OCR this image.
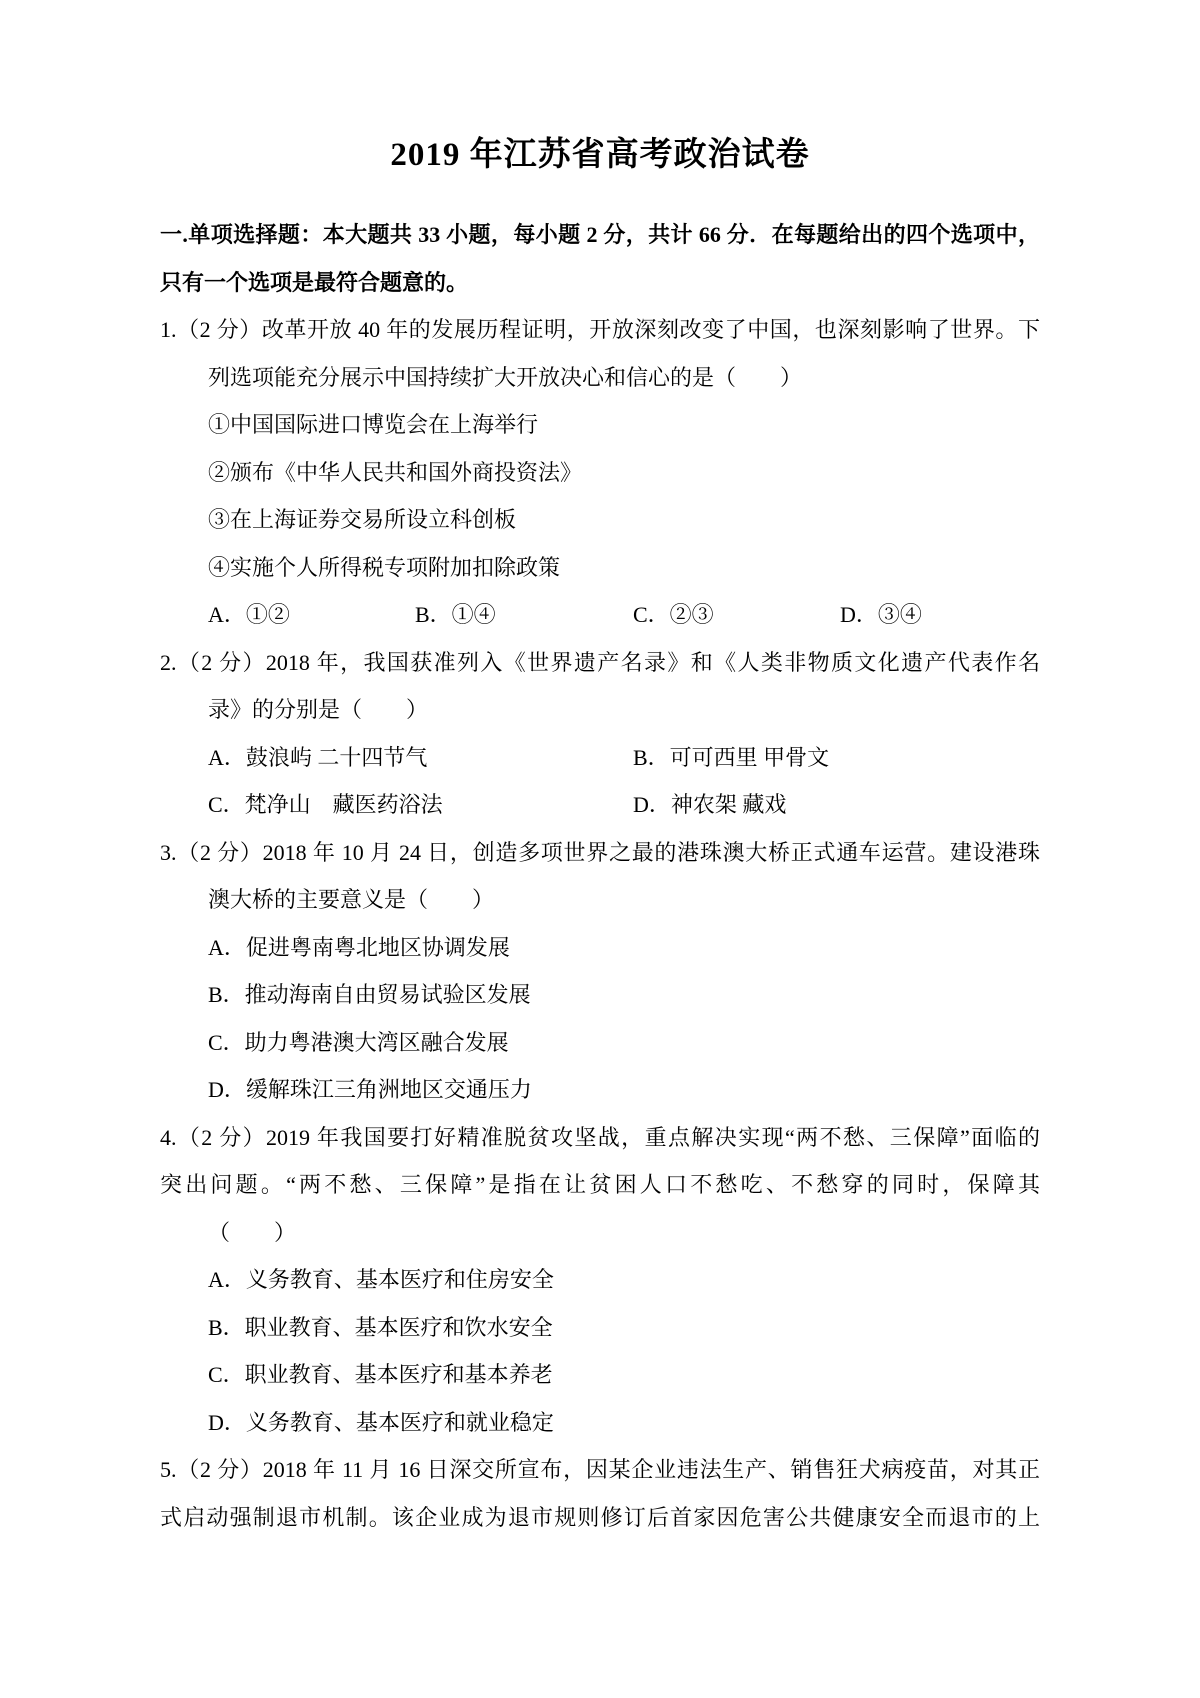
2019 年江苏省高考政治试卷

一.单项选择题：本大题共 33 小题，每小题 2 分，共计 66 分．在每题给出的四个选项中，

只有一个选项是最符合题意的。

1.（2 分）改革开放 40 年的发展历程证明，开放深刻改变了中国，也深刻影响了世界。下

列选项能充分展示中国持续扩大开放决心和信心的是（　　）

①中国国际进口博览会在上海举行

②颁布《中华人民共和国外商投资法》

③在上海证券交易所设立科创板

④实施个人所得税专项附加扣除政策

A．①②	B．①④	C．②③	D．③④

2.（2 分）2018 年，我国获准列入《世界遗产名录》和《人类非物质文化遗产代表作名

录》的分别是（　　）

A．鼓浪屿 二十四节气	B．可可西里 甲骨文
C．梵净山　藏医药浴法	D．神农架 藏戏

3.（2 分）2018 年 10 月 24 日，创造多项世界之最的港珠澳大桥正式通车运营。建设港珠

澳大桥的主要意义是（　　）

A．促进粤南粤北地区协调发展

B．推动海南自由贸易试验区发展

C．助力粤港澳大湾区融合发展

D．缓解珠江三角洲地区交通压力

4.（2 分）2019 年我国要打好精准脱贫攻坚战，重点解决实现“两不愁、三保障”面临的

突出问题。“两不愁、三保障”是指在让贫困人口不愁吃、不愁穿的同时，保障其

（　　）

A．义务教育、基本医疗和住房安全

B．职业教育、基本医疗和饮水安全

C．职业教育、基本医疗和基本养老

D．义务教育、基本医疗和就业稳定

5.（2 分）2018 年 11 月 16 日深交所宣布，因某企业违法生产、销售狂犬病疫苗，对其正

式启动强制退市机制。该企业成为退市规则修订后首家因危害公共健康安全而退市的上
